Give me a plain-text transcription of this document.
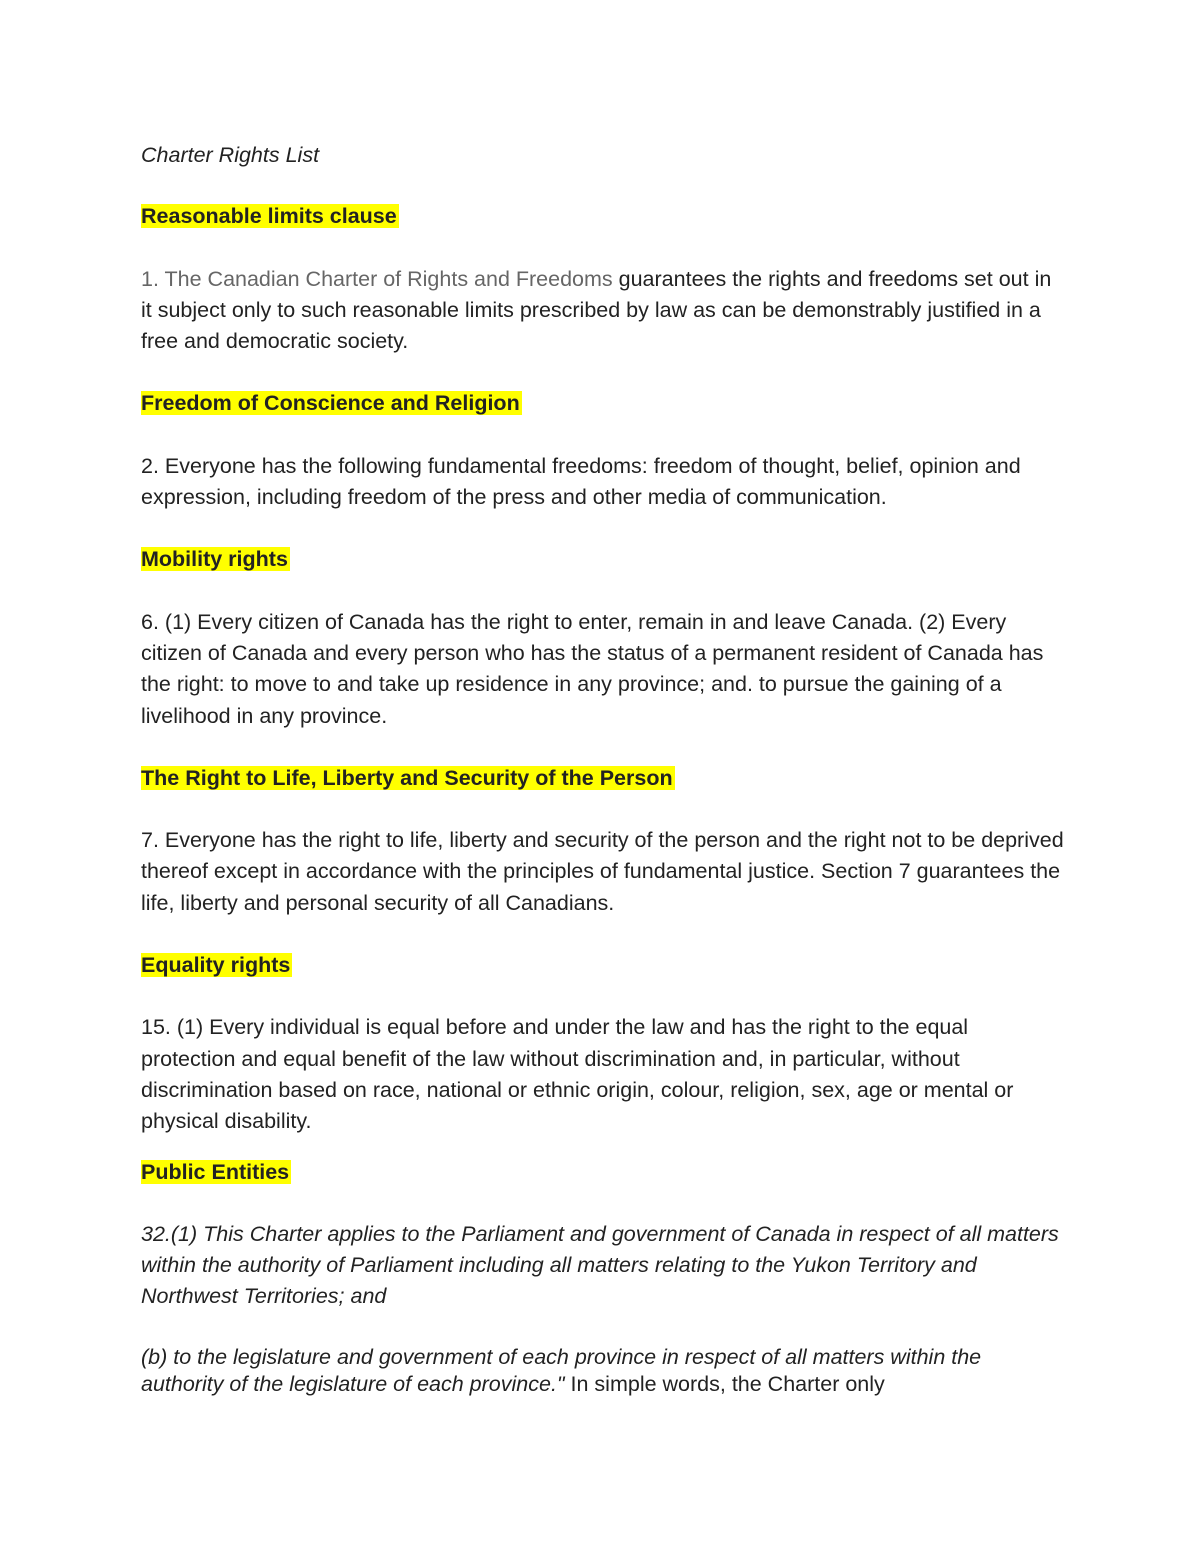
Charter Rights List
Reasonable limits clause
1. The Canadian Charter of Rights and Freedoms guarantees the rights and freedoms set out in it subject only to such reasonable limits prescribed by law as can be demonstrably justified in a free and democratic society.
Freedom of Conscience and Religion
2. Everyone has the following fundamental freedoms: freedom of thought, belief, opinion and expression, including freedom of the press and other media of communication.
Mobility rights
6. (1) Every citizen of Canada has the right to enter, remain in and leave Canada. (2) Every citizen of Canada and every person who has the status of a permanent resident of Canada has the right: to move to and take up residence in any province; and. to pursue the gaining of a livelihood in any province.
The Right to Life, Liberty and Security of the Person
7. Everyone has the right to life, liberty and security of the person and the right not to be deprived thereof except in accordance with the principles of fundamental justice. Section 7 guarantees the life, liberty and personal security of all Canadians.
Equality rights
15. (1) Every individual is equal before and under the law and has the right to the equal protection and equal benefit of the law without discrimination and, in particular, without discrimination based on race, national or ethnic origin, colour, religion, sex, age or mental or physical disability.
Public Entities
32.(1) This Charter applies to the Parliament and government of Canada in respect of all matters within the authority of Parliament including all matters relating to the Yukon Territory and Northwest Territories; and
(b) to the legislature and government of each province in respect of all matters within the authority of the legislature of each province." In simple words, the Charter only
